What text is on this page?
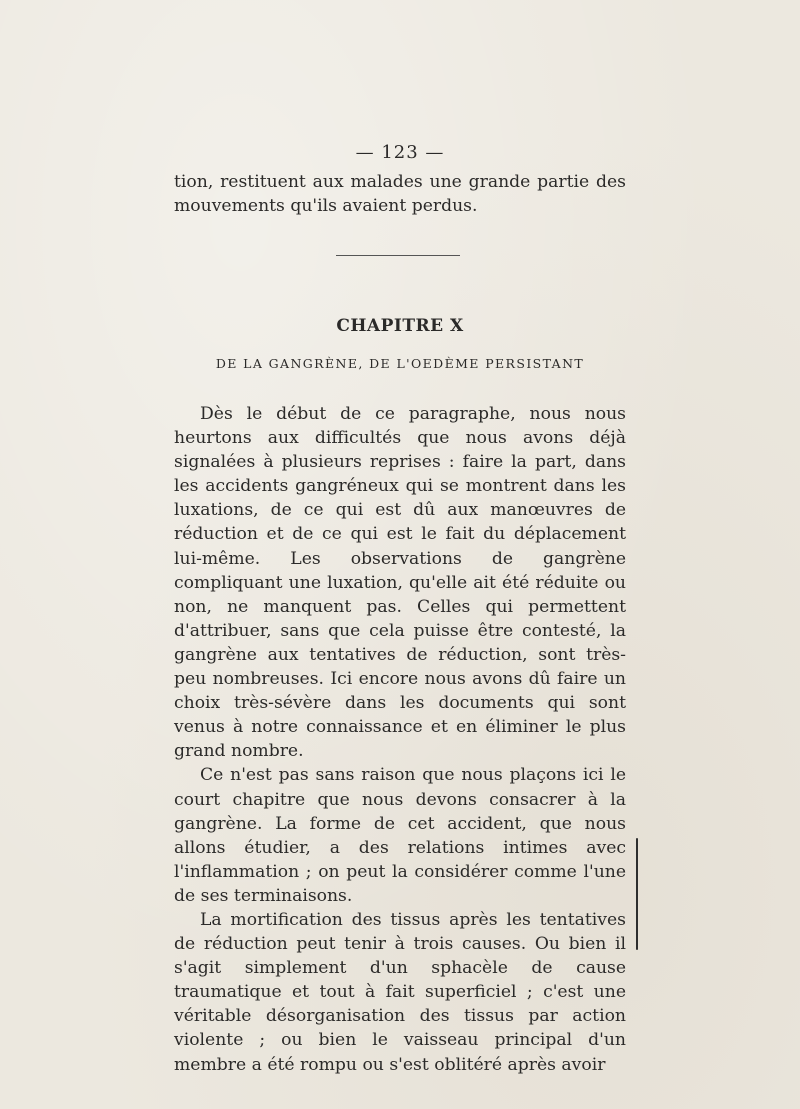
— 123 —

tion, restituent aux malades une grande partie des mouvements qu'ils avaient perdus.

CHAPITRE X
DE LA GANGRÈNE, DE L'OEDÈME PERSISTANT

Dès le début de ce paragraphe, nous nous heurtons aux difficultés que nous avons déjà signalées à plusieurs reprises : faire la part, dans les accidents gangréneux qui se montrent dans les luxations, de ce qui est dû aux manœuvres de réduction et de ce qui est le fait du déplacement lui-même. Les observations de gangrène compliquant une luxation, qu'elle ait été réduite ou non, ne manquent pas. Celles qui permettent d'attribuer, sans que cela puisse être contesté, la gangrène aux tentatives de réduction, sont très-peu nombreuses. Ici encore nous avons dû faire un choix très-sévère dans les documents qui sont venus à notre connaissance et en éliminer le plus grand nombre.

Ce n'est pas sans raison que nous plaçons ici le court chapitre que nous devons consacrer à la gangrène. La forme de cet accident, que nous allons étudier, a des relations intimes avec l'inflammation ; on peut la considérer comme l'une de ses terminaisons.

La mortification des tissus après les tentatives de réduction peut tenir à trois causes. Ou bien il s'agit simplement d'un sphacèle de cause traumatique et tout à fait superficiel ; c'est une véritable désorganisation des tissus par action violente ; ou bien le vaisseau principal d'un membre a été rompu ou s'est oblitéré après avoir
